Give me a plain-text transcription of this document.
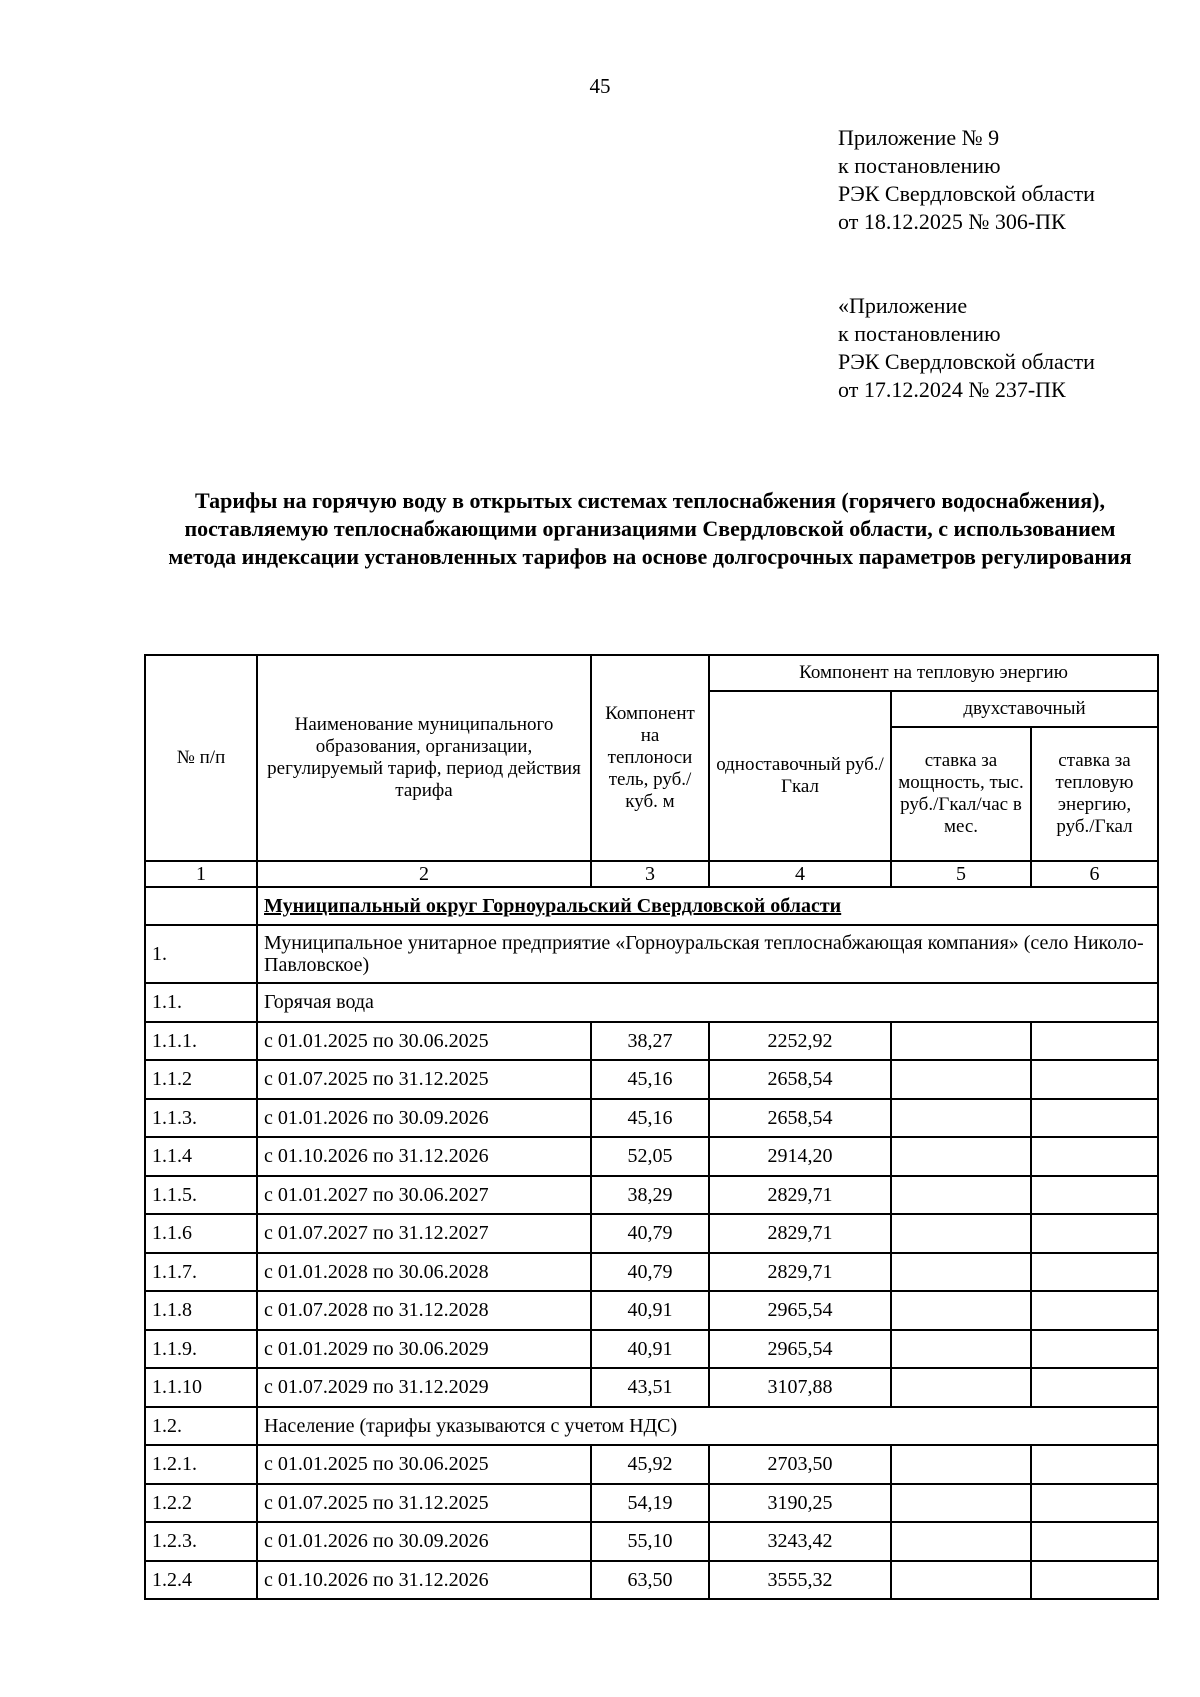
45
Приложение № 9
к постановлению
РЭК Свердловской области
от 18.12.2025 № 306-ПК
«Приложение
к постановлению
РЭК Свердловской области
от 17.12.2024 № 237-ПК
Тарифы на горячую воду в открытых системах теплоснабжения (горячего водоснабжения), поставляемую теплоснабжающими организациями Свердловской области, с использованием метода индексации установленных тарифов на основе долгосрочных параметров регулирования
№ п/п	Наименование муниципального образования, организации, регулируемый тариф, период действия тарифа	Компонент на теплоноси тель, руб./куб. м	Компонент на тепловую энергию		
			одноставочный руб./Гкал	двухставочный	
				ставка за мощность, тыс. руб./Гкал/час в мес.	ставка за тепловую энергию, руб./Гкал
1	2	3	4	5	6
	Муниципальный округ Горноуральский Свердловской области				
1.	Муниципальное унитарное предприятие «Горноуральская теплоснабжающая компания» (село Николо-Павловское)				
1.1.	Горячая вода				
1.1.1.	с 01.01.2025 по 30.06.2025	38,27	2252,92		
1.1.2	с 01.07.2025 по 31.12.2025	45,16	2658,54		
1.1.3.	с 01.01.2026 по 30.09.2026	45,16	2658,54		
1.1.4	с 01.10.2026 по 31.12.2026	52,05	2914,20		
1.1.5.	с 01.01.2027 по 30.06.2027	38,29	2829,71		
1.1.6	с 01.07.2027 по 31.12.2027	40,79	2829,71		
1.1.7.	с 01.01.2028 по 30.06.2028	40,79	2829,71		
1.1.8	с 01.07.2028 по 31.12.2028	40,91	2965,54		
1.1.9.	с 01.01.2029 по 30.06.2029	40,91	2965,54		
1.1.10	с 01.07.2029 по 31.12.2029	43,51	3107,88		
1.2.	Население (тарифы указываются с учетом НДС)				
1.2.1.	с 01.01.2025 по 30.06.2025	45,92	2703,50		
1.2.2	с 01.07.2025 по 31.12.2025	54,19	3190,25		
1.2.3.	с 01.01.2026 по 30.09.2026	55,10	3243,42		
1.2.4	с 01.10.2026 по 31.12.2026	63,50	3555,32		
